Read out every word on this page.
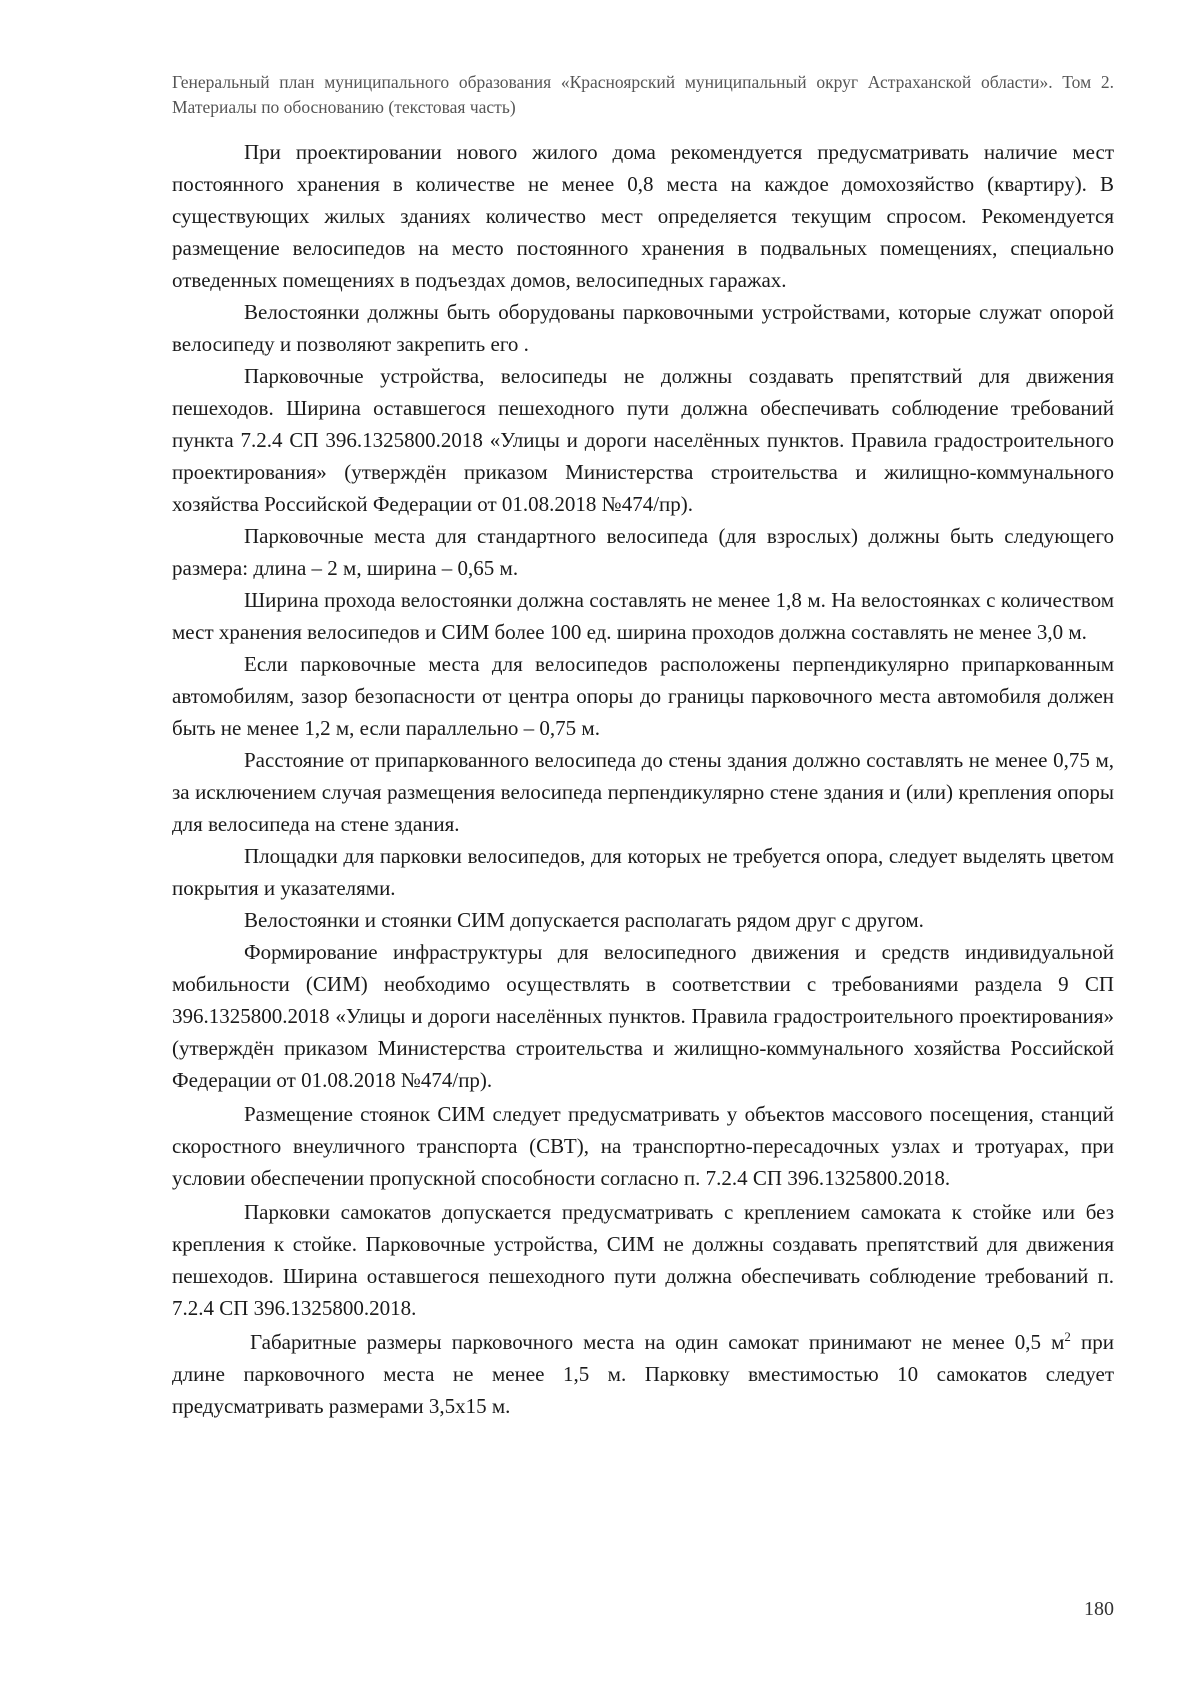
Генеральный план муниципального образования «Красноярский муниципальный округ Астраханской области». Том 2. Материалы по обоснованию (текстовая часть)

При проектировании нового жилого дома рекомендуется предусматривать наличие мест постоянного хранения в количестве не менее 0,8 места на каждое домохозяйство (квартиру). В существующих жилых зданиях количество мест определяется текущим спросом. Рекомендуется размещение велосипедов на место постоянного хранения в подвальных помещениях, специально отведенных помещениях в подъездах домов, велосипедных гаражах.

Велостоянки должны быть оборудованы парковочными устройствами, которые служат опорой велосипеду и позволяют закрепить его .

Парковочные устройства, велосипеды не должны создавать препятствий для движения пешеходов. Ширина оставшегося пешеходного пути должна обеспечивать соблюдение требований пункта 7.2.4 СП 396.1325800.2018 «Улицы и дороги населённых пунктов. Правила градостроительного проектирования» (утверждён приказом Министерства строительства и жилищно-коммунального хозяйства Российской Федерации от 01.08.2018 №474/пр).

Парковочные места для стандартного велосипеда (для взрослых) должны быть следующего размера: длина – 2 м, ширина – 0,65 м.

Ширина прохода велостоянки должна составлять не менее 1,8 м. На велостоянках с количеством мест хранения велосипедов и СИМ более 100 ед. ширина проходов должна составлять не менее 3,0 м.

Если парковочные места для велосипедов расположены перпендикулярно припаркованным автомобилям, зазор безопасности от центра опоры до границы парковочного места автомобиля должен быть не менее 1,2 м, если параллельно – 0,75 м.

Расстояние от припаркованного велосипеда до стены здания должно составлять не менее 0,75 м, за исключением случая размещения велосипеда перпендикулярно стене здания и (или) крепления опоры для велосипеда на стене здания.

Площадки для парковки велосипедов, для которых не требуется опора, следует выделять цветом покрытия и указателями.

Велостоянки и стоянки СИМ допускается располагать рядом друг с другом.

Формирование инфраструктуры для велосипедного движения и средств индивидуальной мобильности (СИМ) необходимо осуществлять в соответствии с требованиями раздела 9 СП 396.1325800.2018 «Улицы и дороги населённых пунктов. Правила градостроительного проектирования» (утверждён приказом Министерства строительства и жилищно-коммунального хозяйства Российской Федерации от 01.08.2018 №474/пр).

Размещение стоянок СИМ следует предусматривать у объектов массового посещения, станций скоростного внеуличного транспорта (СВТ), на транспортно-пересадочных узлах и тротуарах, при условии обеспечении пропускной способности согласно п. 7.2.4 СП 396.1325800.2018.

Парковки самокатов допускается предусматривать с креплением самоката к стойке или без крепления к стойке. Парковочные устройства, СИМ не должны создавать препятствий для движения пешеходов. Ширина оставшегося пешеходного пути должна обеспечивать соблюдение требований п. 7.2.4 СП 396.1325800.2018.

Габаритные размеры парковочного места на один самокат принимают не менее 0,5 $м^2$ при длине парковочного места не менее 1,5 м. Парковку вместимостью 10 самокатов следует предусматривать размерами 3,5х15 м.

180
